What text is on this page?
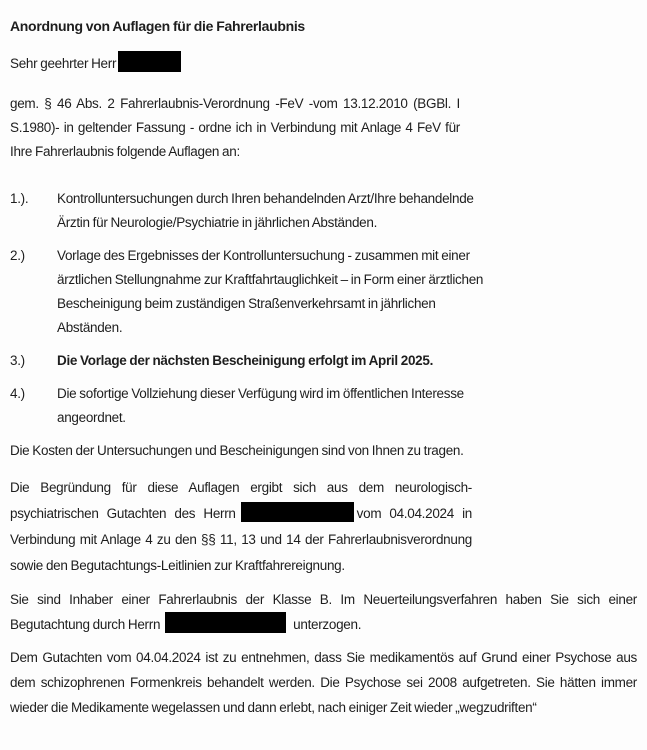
Anordnung von Auflagen für die Fahrerlaubnis
Sehr geehrter Herr
gem. § 46 Abs. 2 Fahrerlaubnis-Verordnung -FeV -vom 13.12.2010 (BGBl. I S.1980)- in geltender Fassung - ordne ich in Verbindung mit Anlage 4 FeV für Ihre Fahrerlaubnis folgende Auflagen an:
1.).	Kontrolluntersuchungen durch Ihren behandelnden Arzt/Ihre behandelnde Ärztin für Neurologie/Psychiatrie in jährlichen Abständen.
2.)	Vorlage des Ergebnisses der Kontrolluntersuchung - zusammen mit einer ärztlichen Stellungnahme zur Kraftfahrtauglichkeit – in Form einer ärztlichen Bescheinigung beim zuständigen Straßenverkehrsamt in jährlichen Abständen.
3.)	Die Vorlage der nächsten Bescheinigung erfolgt im April 2025.
4.)	Die sofortige Vollziehung dieser Verfügung wird im öffentlichen Interesse angeordnet.
Die Kosten der Untersuchungen und Bescheinigungen sind von Ihnen zu tragen.
Die Begründung für diese Auflagen ergibt sich aus dem neurologisch-psychiatrischen Gutachten des Herrn	vom 04.04.2024 in Verbindung mit Anlage 4 zu den §§ 11, 13 und 14 der Fahrerlaubnisverordnung sowie den Begutachtungs-Leitlinien zur Kraftfahrereignung.
Sie sind Inhaber einer Fahrerlaubnis der Klasse B. Im Neuerteilungsverfahren haben Sie sich einer Begutachtung durch Herrn	unterzogen.
Dem Gutachten vom 04.04.2024 ist zu entnehmen, dass Sie medikamentös auf Grund einer Psychose aus dem schizophrenen Formenkreis behandelt werden. Die Psychose sei 2008 aufgetreten. Sie hätten immer wieder die Medikamente wegelassen und dann erlebt, nach einiger Zeit wieder „wegzudriften“
